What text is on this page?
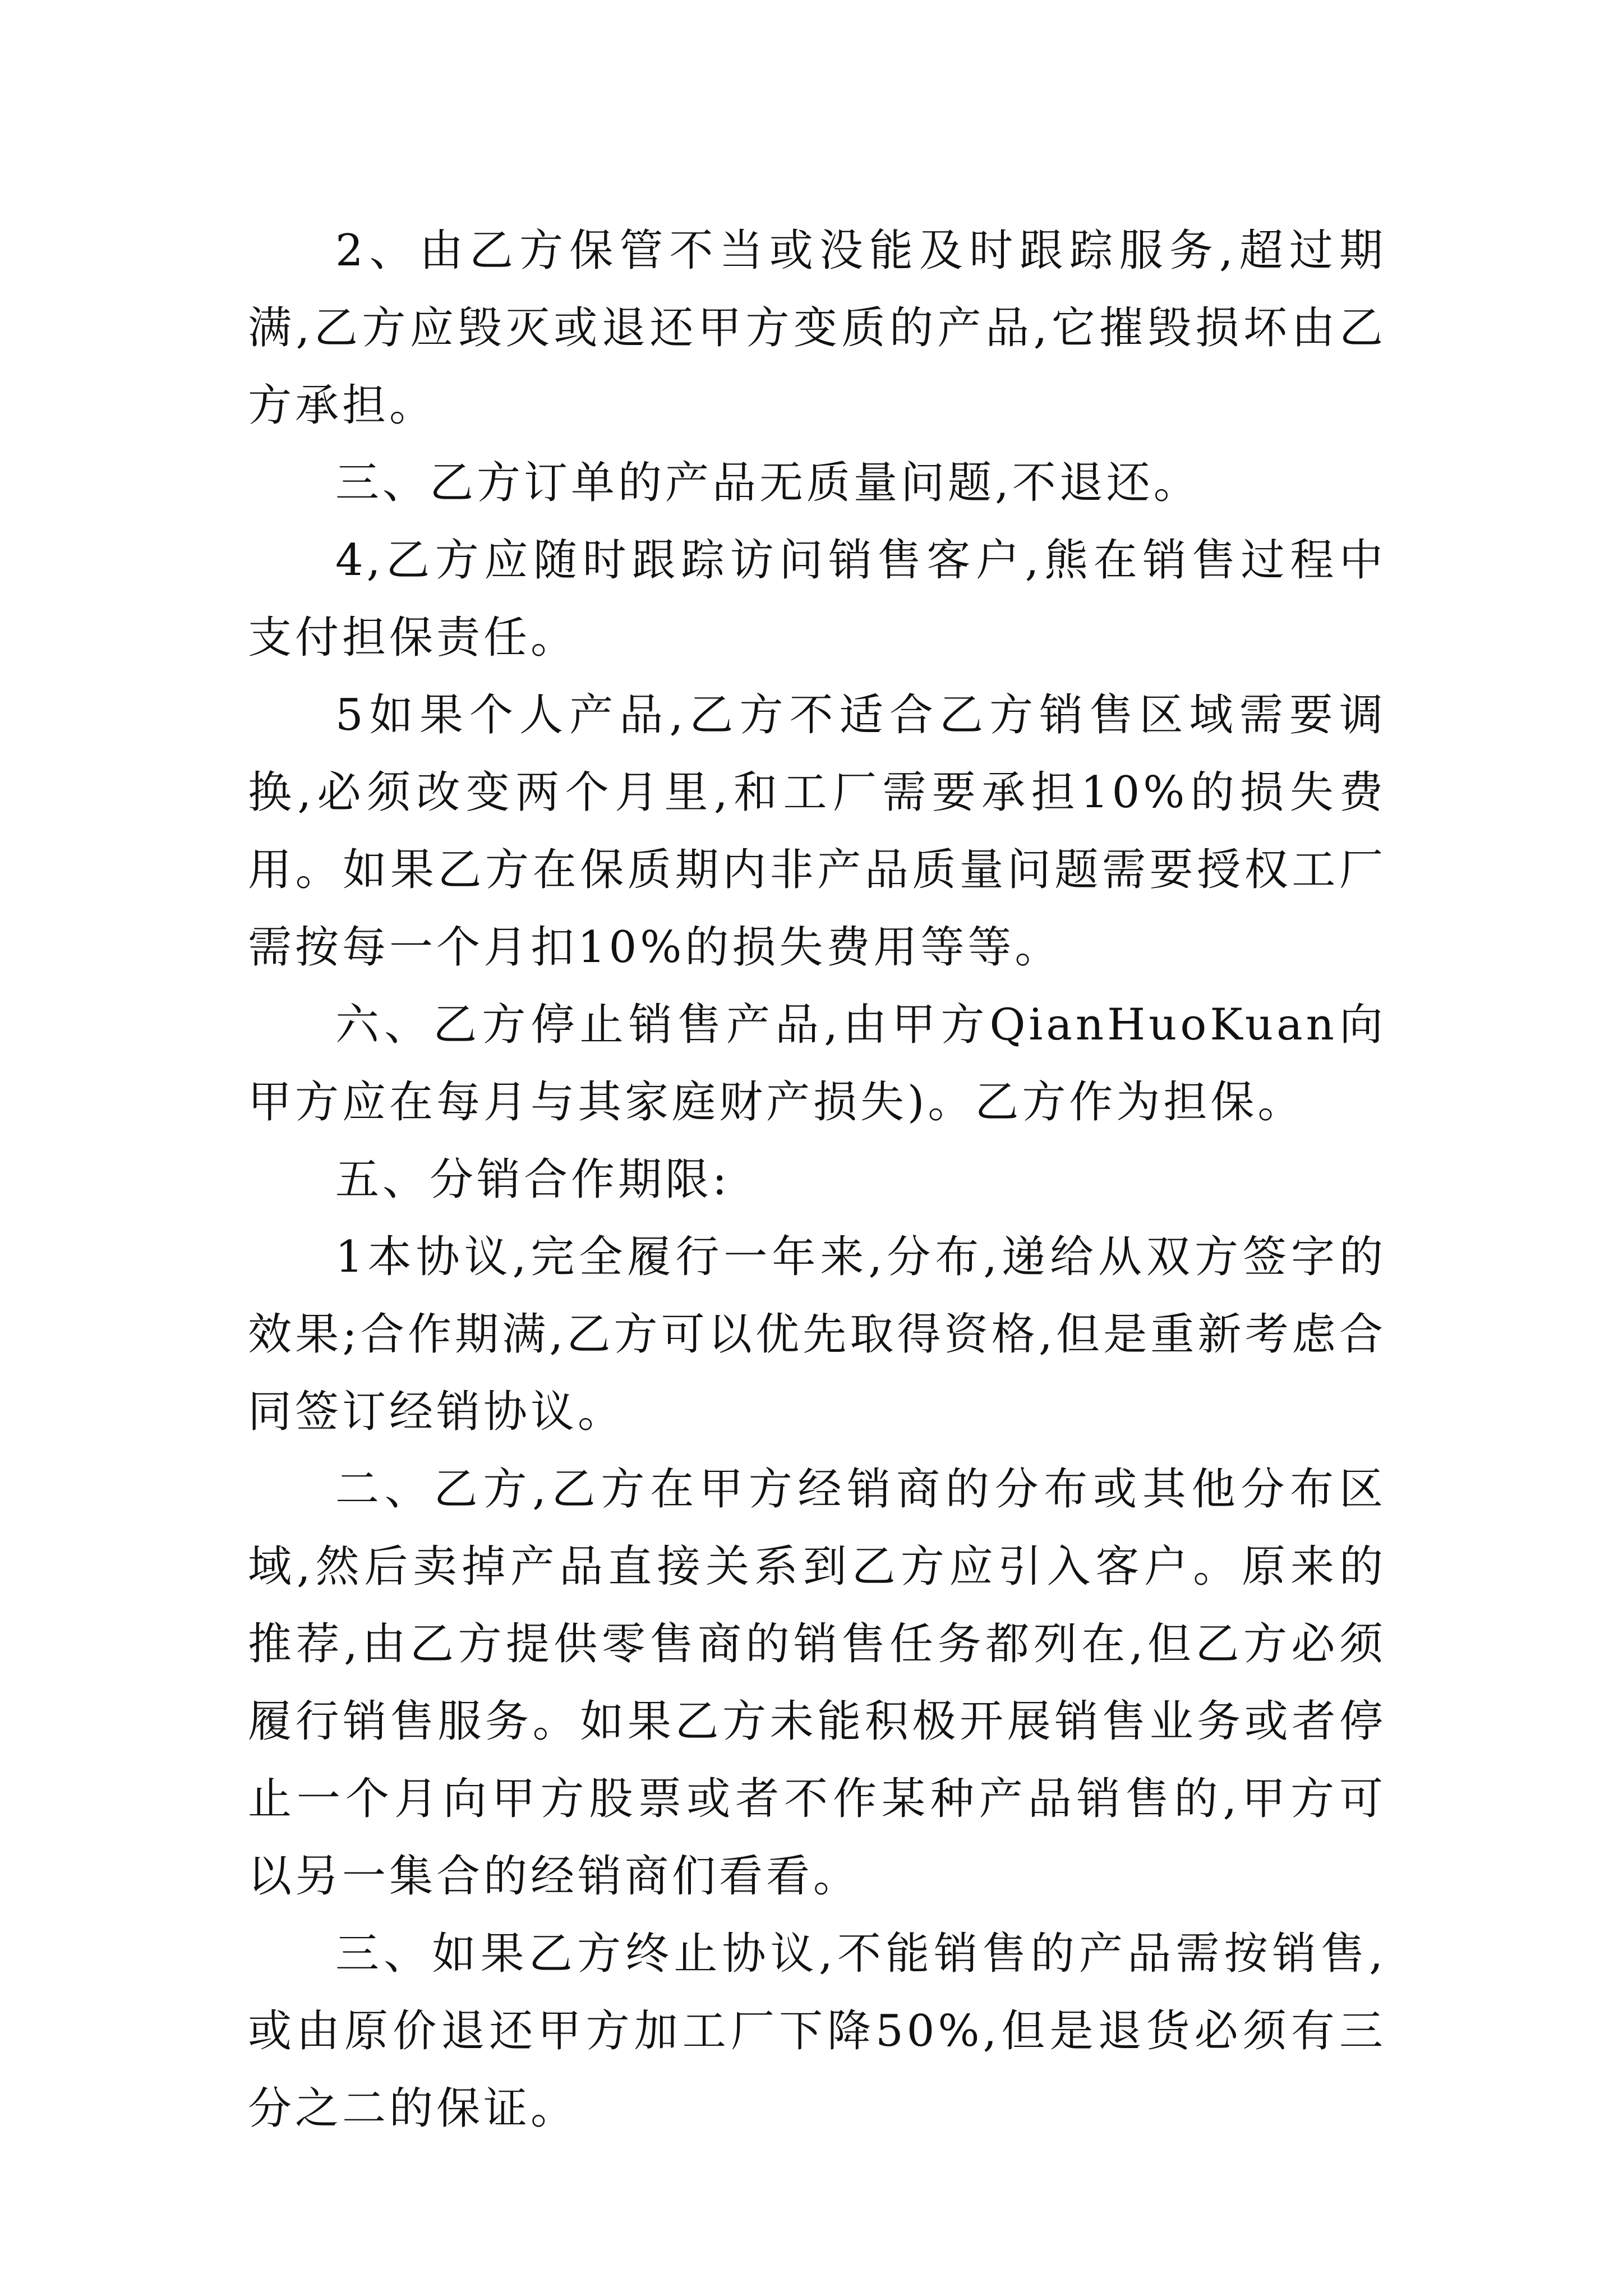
2、由乙方保管不当或没能及时跟踪服务,超过期满,乙方应毁灭或退还甲方变质的产品,它摧毁损坏由乙方承担。

三、乙方订单的产品无质量问题,不退还。

4,乙方应随时跟踪访问销售客户,熊在销售过程中支付担保责任。

5如果个人产品,乙方不适合乙方销售区域需要调换,必须改变两个月里,和工厂需要承担10%的损失费用。如果乙方在保质期内非产品质量问题需要授权工厂需按每一个月扣10%的损失费用等等。

六、乙方停止销售产品,由甲方QianHuoKuan向甲方应在每月与其家庭财产损失)。乙方作为担保。

五、分销合作期限:

1本协议,完全履行一年来,分布,递给从双方签字的效果;合作期满,乙方可以优先取得资格,但是重新考虑合同签订经销协议。

二、乙方,乙方在甲方经销商的分布或其他分布区域,然后卖掉产品直接关系到乙方应引入客户。原来的推荐,由乙方提供零售商的销售任务都列在,但乙方必须履行销售服务。如果乙方未能积极开展销售业务或者停止一个月向甲方股票或者不作某种产品销售的,甲方可以另一集合的经销商们看看。

三、如果乙方终止协议,不能销售的产品需按销售,或由原价退还甲方加工厂下降50%,但是退货必须有三分之二的保证。
